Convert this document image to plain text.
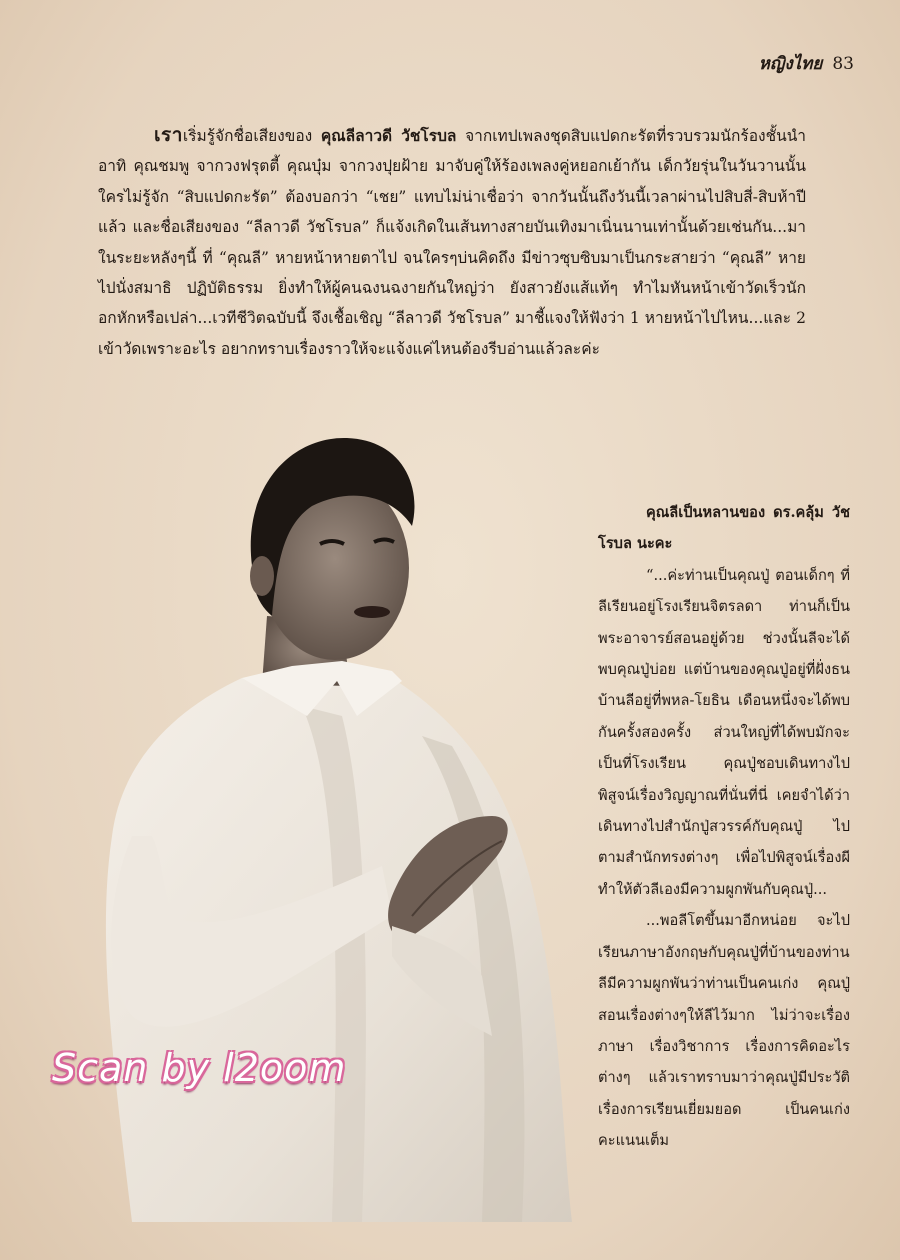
หญิงไทย 83
เราเริ่มรู้จักชื่อเสียงของ คุณลีลาวดี วัชโรบล จากเทปเพลงชุดสิบแปดกะรัตที่รวบรวมนักร้องชั้นนำ อาทิ คุณชมพู จากวงฟรุตตี้ คุณบุ๋ม จากวงปุยฝ้าย มาจับคู่ให้ร้องเพลงคู่หยอกเย้ากัน เด็กวัยรุ่นในวันวานนั้นใครไม่รู้จัก “สิบแปดกะรัต” ต้องบอกว่า “เชย” แทบไม่น่าเชื่อว่า จากวันนั้นถึงวันนี้เวลาผ่านไปสิบสี่-สิบห้าปีแล้ว และชื่อเสียงของ “ลีลาวดี วัชโรบล” ก็แจ้งเกิดในเส้นทางสายบันเทิงมาเนิ่นนานเท่านั้นด้วยเช่นกัน...มาในระยะหลังๆนี้ ที่ “คุณลี” หายหน้าหายตาไป จนใครๆบ่นคิดถึง มีข่าวซุบซิบมาเป็นกระสายว่า “คุณลี” หายไปนั่งสมาธิ ปฏิบัติธรรม ยิ่งทำให้ผู้คนฉงนฉงายกันใหญ่ว่า ยังสาวยังแส้แท้ๆ ทำไมหันหน้าเข้าวัดเร็วนัก อกหักหรือเปล่า...เวทีชีวิตฉบับนี้ จึงเชื้อเชิญ “ลีลาวดี วัชโรบล” มาชี้แจงให้ฟังว่า 1 หายหน้าไปไหน...และ 2 เข้าวัดเพราะอะไร อยากทราบเรื่องราวให้จะแจ้งแค่ไหนต้องรีบอ่านแล้วละค่ะ
Scan by l2oom

คุณลีเป็นหลานของ ดร.คลุ้ม วัชโรบล นะคะ

“...ค่ะท่านเป็นคุณปู่ ตอนเด็กๆ ที่ลีเรียนอยู่โรงเรียนจิตรลดา ท่านก็เป็นพระอาจารย์สอนอยู่ด้วย ช่วงนั้นลีจะได้พบคุณปู่บ่อย แต่บ้านของคุณปู่อยู่ที่ฝั่งธน บ้านลีอยู่ที่พหล-โยธิน เดือนหนึ่งจะได้พบกันครั้งสองครั้ง ส่วนใหญ่ที่ได้พบมักจะเป็นที่โรงเรียน คุณปู่ชอบเดินทางไปพิสูจน์เรื่องวิญญาณที่นั่นที่นี่ เคยจำได้ว่าเดินทางไปสำนักปู่สวรรค์กับคุณปู่ ไปตามสำนักทรงต่างๆ เพื่อไปพิสูจน์เรื่องผี ทำให้ตัวลีเองมีความผูกพันกับคุณปู่...

...พอลีโตขึ้นมาอีกหน่อย จะไปเรียนภาษาอังกฤษกับคุณปู่ที่บ้านของท่าน ลีมีความผูกพันว่าท่านเป็นคนเก่ง คุณปู่สอนเรื่องต่างๆให้ลีไว้มาก ไม่ว่าจะเรื่องภาษา เรื่องวิชาการ เรื่องการคิดอะไรต่างๆ แล้วเราทราบมาว่าคุณปู่มีประวัติเรื่องการเรียนเยี่ยมยอด เป็นคนเก่ง คะแนนเต็ม
